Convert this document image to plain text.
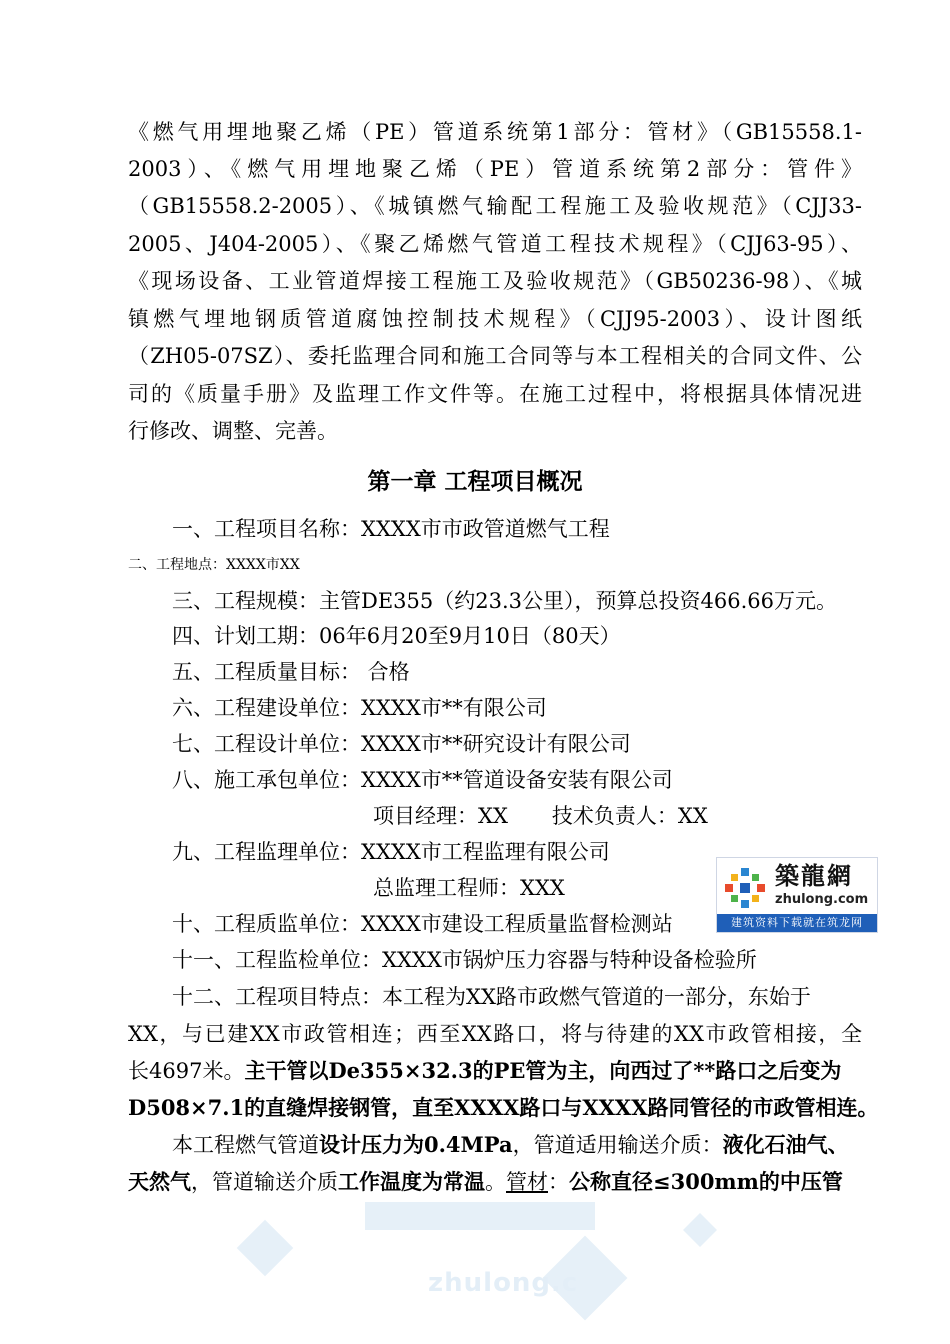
《燃气用埋地聚乙烯（PE）管道系统第1部分：管材》（GB15558.1-
2003）、《燃气用埋地聚乙烯（PE）管道系统第2部分：管件》
（GB15558.2-2005）、《城镇燃气输配工程施工及验收规范》（CJJ33-
2005、J404-2005）、《聚乙烯燃气管道工程技术规程》（CJJ63-95）、
《现场设备、工业管道焊接工程施工及验收规范》（GB50236-98）、《城
镇燃气埋地钢质管道腐蚀控制技术规程》（CJJ95-2003）、设计图纸
（ZH05-07SZ）、委托监理合同和施工合同等与本工程相关的合同文件、公
司的《质量手册》及监理工作文件等。在施工过程中，将根据具体情况进
行修改、调整、完善。
第一章 工程项目概况
一、工程项目名称：XXXX市市政管道燃气工程
二、工程地点：XXXX市XX
三、工程规模：主管DE355（约23.3公里），预算总投资466.66万元。
四、计划工期：06年6月20至9月10日（80天）
五、工程质量目标： 合格
六、工程建设单位：XXXX市**有限公司
七、工程设计单位：XXXX市**研究设计有限公司
八、施工承包单位：XXXX市**管道设备安装有限公司
项目经理：XX 技术负责人：XX
九、工程监理单位：XXXX市工程监理有限公司
总监理工程师：XXX
十、工程质监单位：XXXX市建设工程质量监督检测站
十一、工程监检单位：XXXX市锅炉压力容器与特种设备检验所
十二、工程项目特点：本工程为XX路市政燃气管道的一部分，东始于
XX，与已建XX市政管相连；西至XX路口，将与待建的XX市政管相接，全
长4697米。主干管以De355×32.3的PE管为主，向西过了**路口之后变为
D508×7.1的直缝焊接钢管，直至XXXX路口与XXXX路同管径的市政管相连。
本工程燃气管道设计压力为0.4MPa，管道适用输送介质：液化石油气、
天然气，管道输送介质工作温度为常温。管材：公称直径≤300mm的中压管
築龍網
zhulong.com
建筑资料下载就在筑龙网
zhulong.c
